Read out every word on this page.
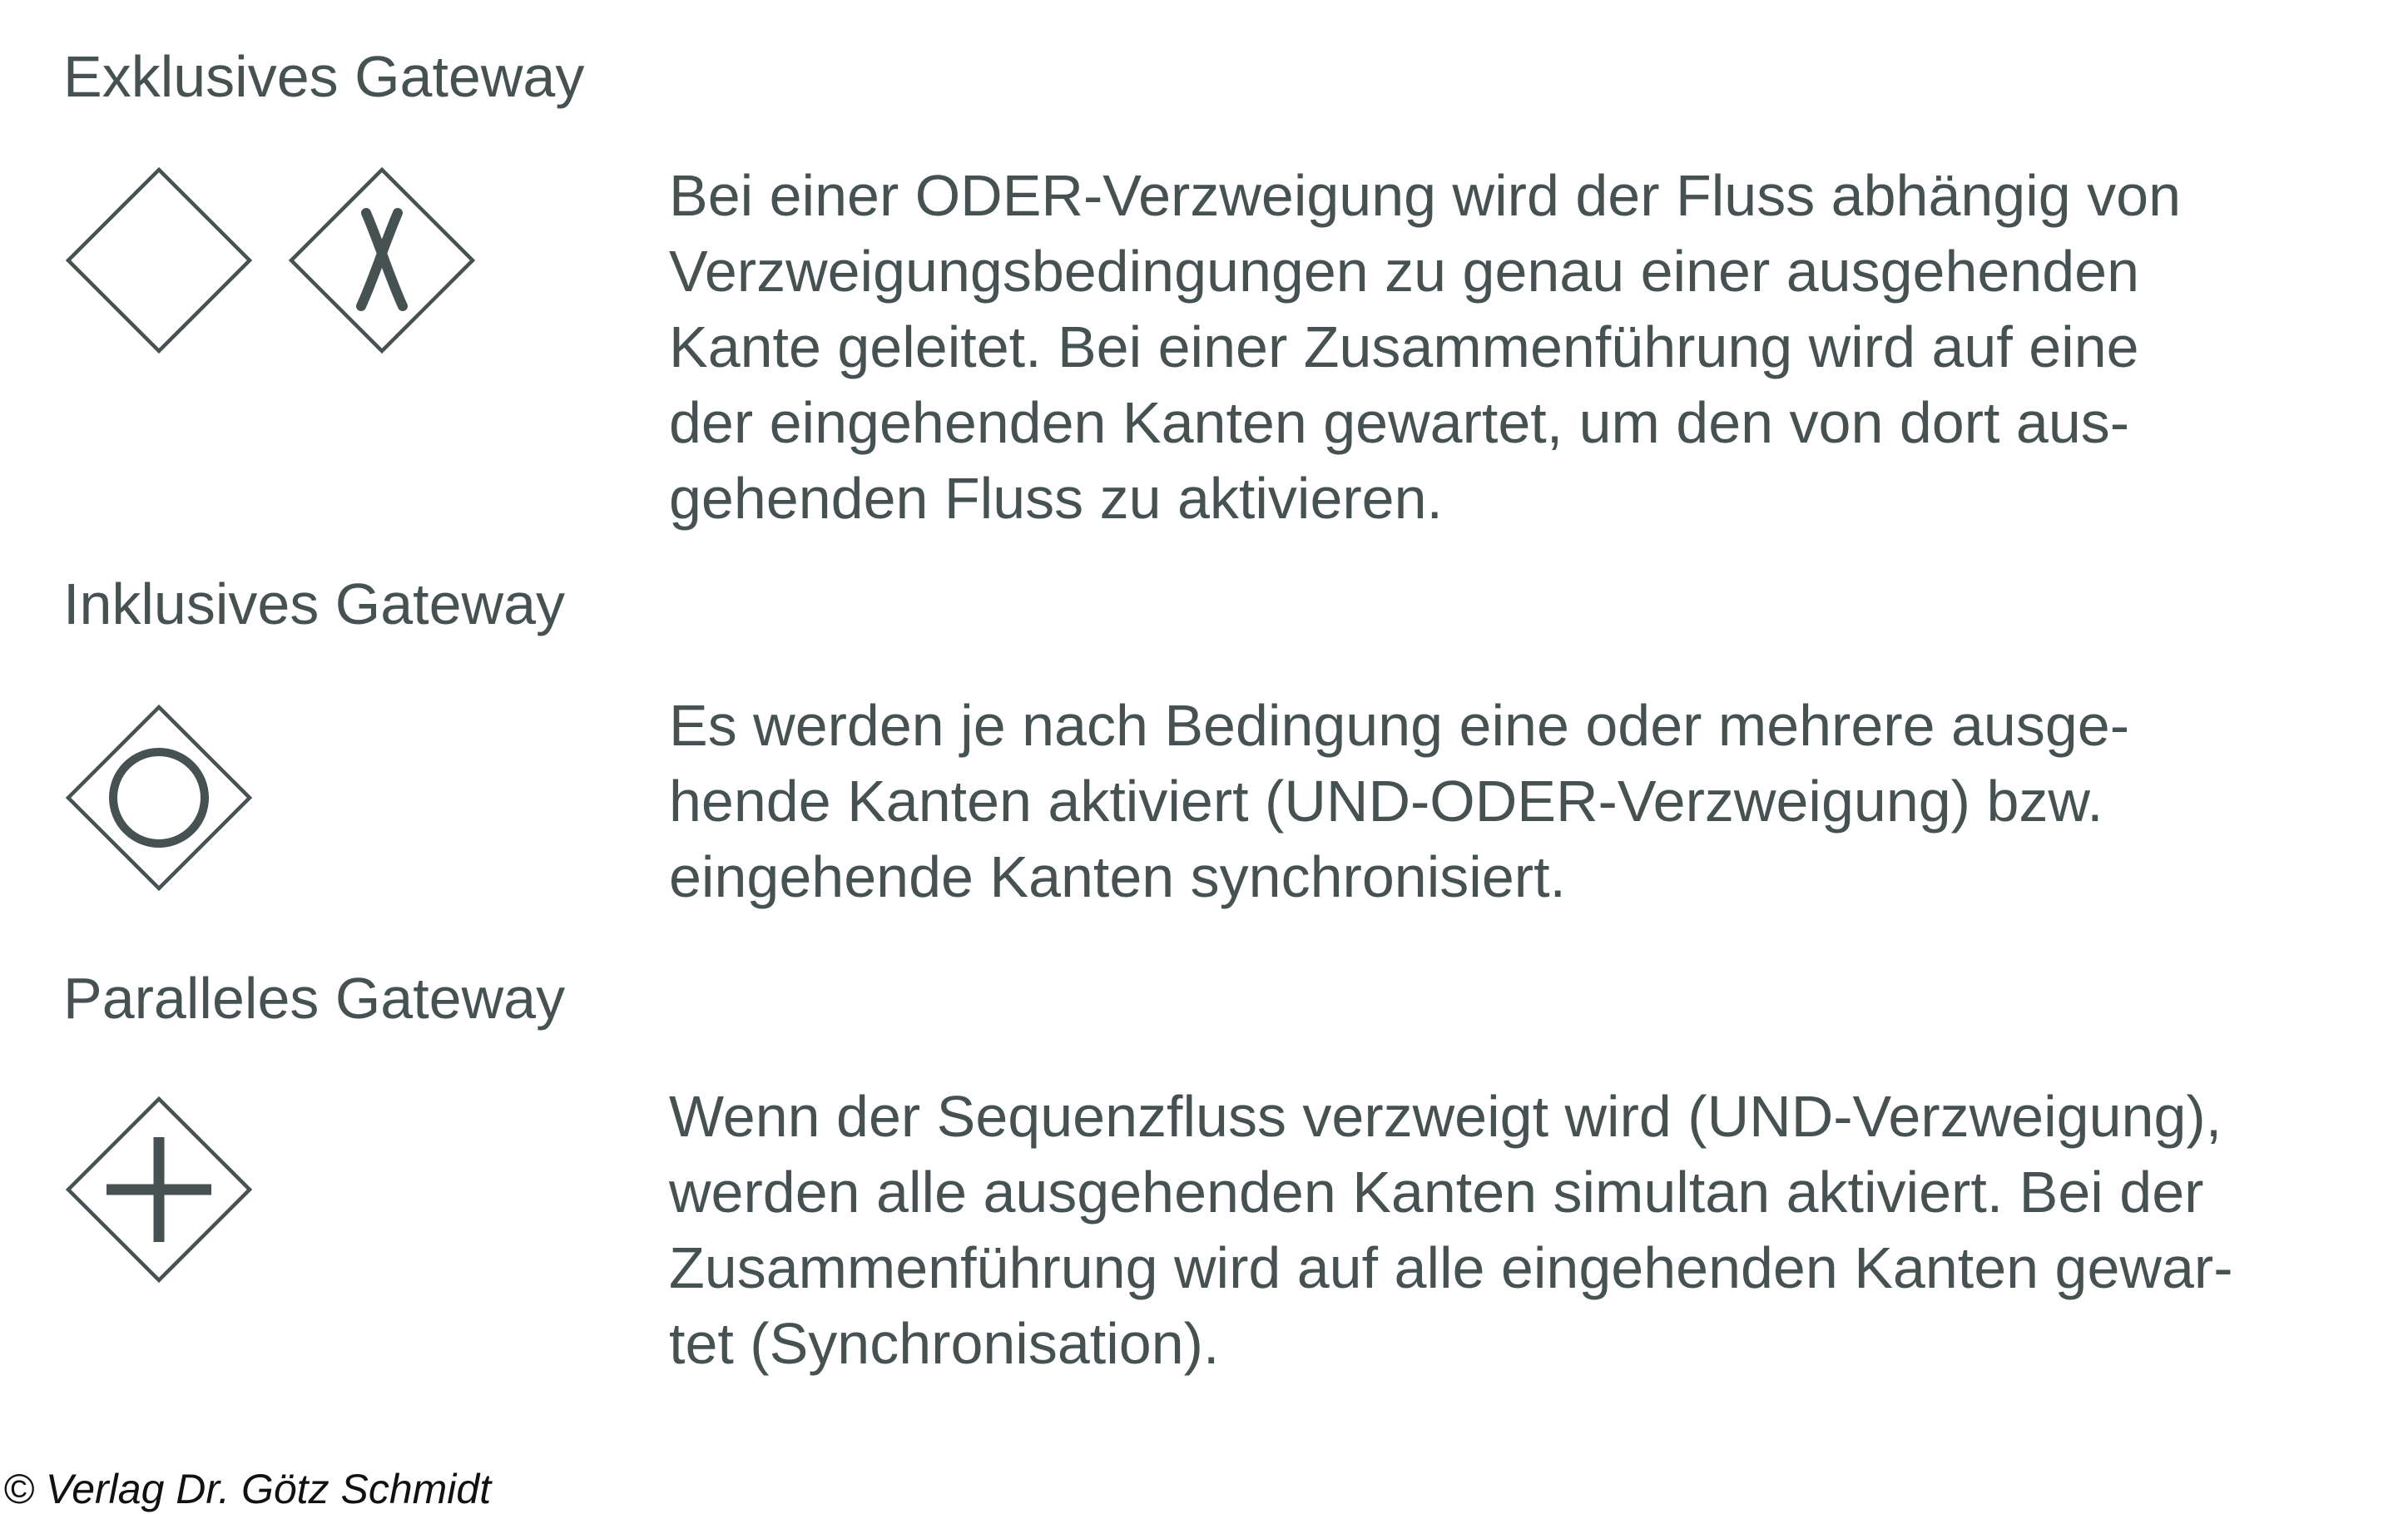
Exklusives Gateway

Bei einer ODER-Verzweigung wird der Fluss abhängig von
Verzweigungsbedingungen zu genau einer ausgehenden
Kante geleitet. Bei einer Zusammenführung wird auf eine
der eingehenden Kanten gewartet, um den von dort aus-
gehenden Fluss zu aktivieren.

Inklusives Gateway

Es werden je nach Bedingung eine oder mehrere ausge-
hende Kanten aktiviert (UND-ODER-Verzweigung) bzw.
eingehende Kanten synchronisiert.

Paralleles Gateway

Wenn der Sequenzfluss verzweigt wird (UND-Verzweigung),
werden alle ausgehenden Kanten simultan aktiviert. Bei der
Zusammenführung wird auf alle eingehenden Kanten gewar-
tet (Synchronisation).

© Verlag Dr. Götz Schmidt
